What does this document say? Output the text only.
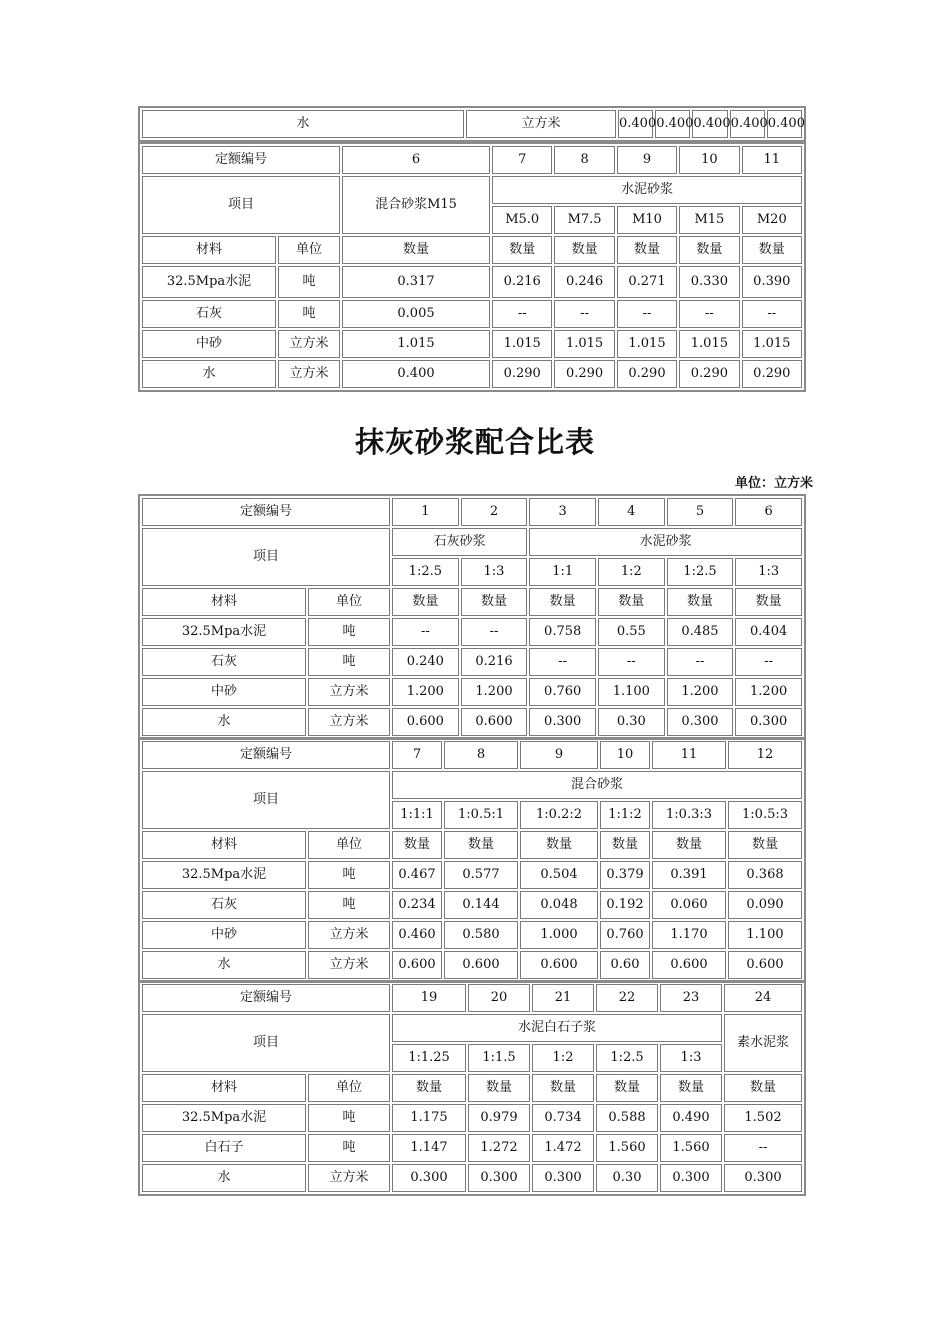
水	立方米	0.400	0.400	0.400	0.400	0.400
定额编号		6	7	8	9	10	11
项目		混合砂浆M15	水泥砂浆				
			M5.0	M7.5	M10	M15	M20
材料	单位	数量	数量	数量	数量	数量	数量
32.5Mpa水泥	吨	0.317	0.216	0.246	0.271	0.330	0.390
石灰	吨	0.005	--	--	--	--	--
中砂	立方米	1.015	1.015	1.015	1.015	1.015	1.015
水	立方米	0.400	0.290	0.290	0.290	0.290	0.290
抹灰砂浆配合比表
单位：立方米
定额编号		1	2	3	4	5	6
项目		石灰砂浆		水泥砂浆			
		1:2.5	1:3	1:1	1:2	1:2.5	1:3
材料	单位	数量	数量	数量	数量	数量	数量
32.5Mpa水泥	吨	--	--	0.758	0.55	0.485	0.404
石灰	吨	0.240	0.216	--	--	--	--
中砂	立方米	1.200	1.200	0.760	1.100	1.200	1.200
水	立方米	0.600	0.600	0.300	0.30	0.300	0.300
定额编号		7	8	9	10	11	12
项目		混合砂浆					
		1:1:1	1:0.5:1	1:0.2:2	1:1:2	1:0.3:3	1:0.5:3
材料	单位	数量	数量	数量	数量	数量	数量
32.5Mpa水泥	吨	0.467	0.577	0.504	0.379	0.391	0.368
石灰	吨	0.234	0.144	0.048	0.192	0.060	0.090
中砂	立方米	0.460	0.580	1.000	0.760	1.170	1.100
水	立方米	0.600	0.600	0.600	0.60	0.600	0.600
定额编号		19	20	21	22	23	24
项目		水泥白石子浆					素水泥浆
		1:1.25	1:1.5	1:2	1:2.5	1:3	
材料	单位	数量	数量	数量	数量	数量	数量
32.5Mpa水泥	吨	1.175	0.979	0.734	0.588	0.490	1.502
白石子	吨	1.147	1.272	1.472	1.560	1.560	--
水	立方米	0.300	0.300	0.300	0.30	0.300	0.300
